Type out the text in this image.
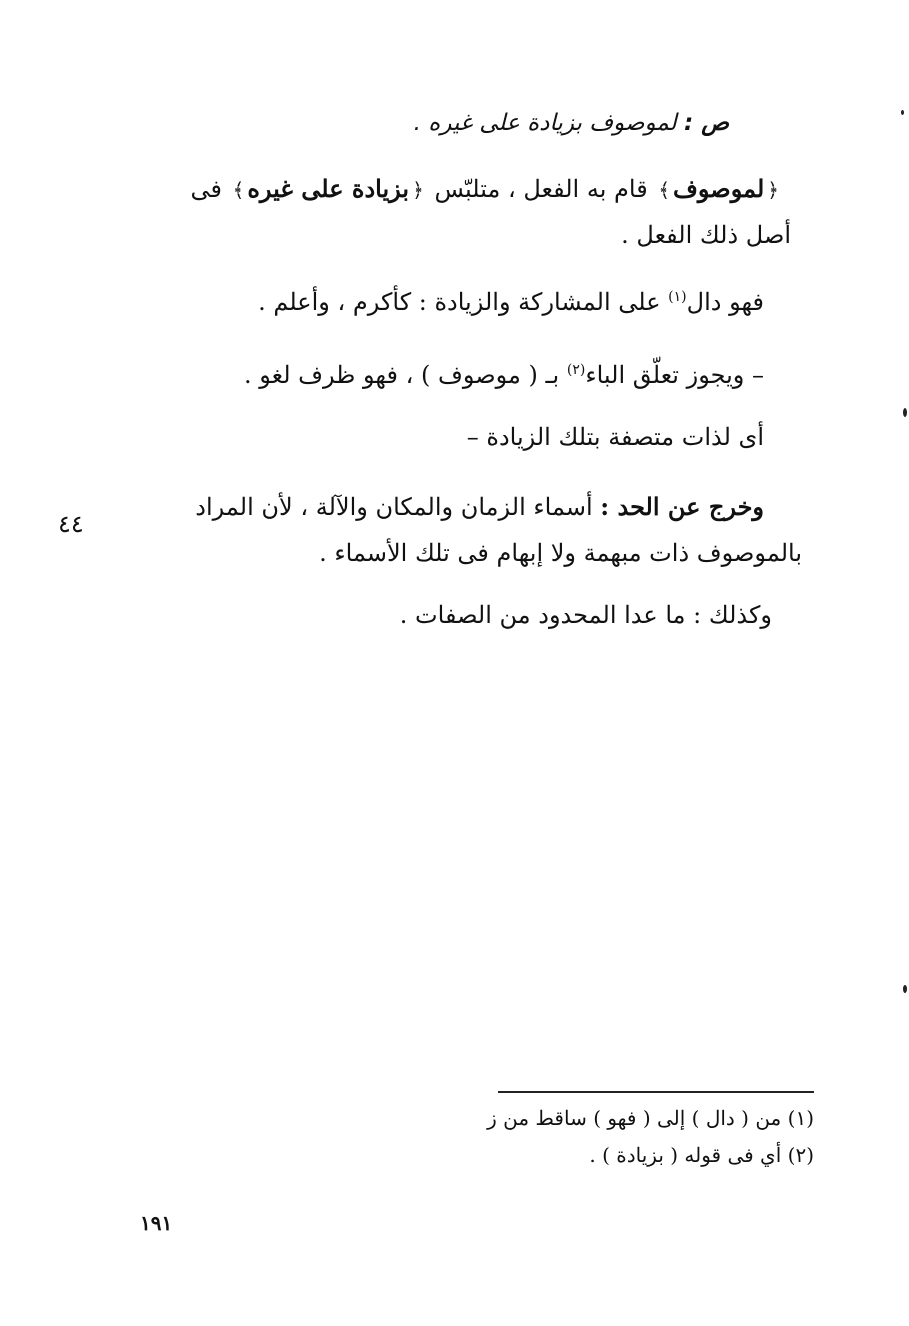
ص : لموصوف بزيادة على غيره .
﴿لموصوف﴾ قام به الفعل ، متلبّس ﴿بزيادة على غيره﴾ فى
أصل ذلك الفعل .
فهو دال$^{(١)}$ على المشاركة والزيادة : كأكرم ، وأعلم .
– ويجوز تعلّق الباء$^{(٢)}$ بـ ( موصوف ) ، فهو ظرف لغو .
أى لذات متصفة بتلك الزيادة –
وخرج عن الحد : أسماء الزمان والمكان والآلة ، لأن المراد
٤٤
بالموصوف ذات مبهمة ولا إبهام فى تلك الأسماء .
وكذلك : ما عدا المحدود من الصفات .
(١) من ( دال ) إلى ( فهو ) ساقط من ز
(٢) أي فى قوله ( بزيادة ) .
١٩١
